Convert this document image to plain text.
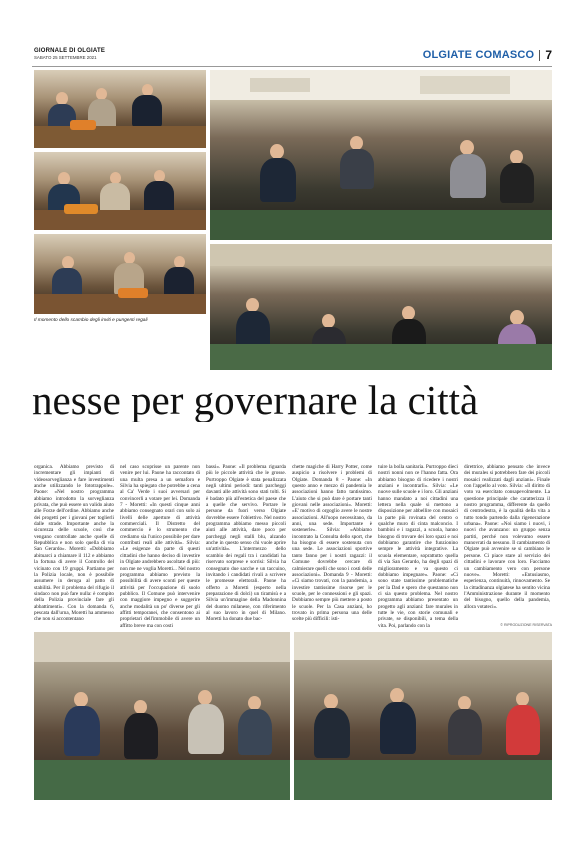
GIORNALE DI OLGIATE
SABATO 25 SETTEMBRE 2021	OLGIATE COMASCO 7
Il momento dello scambio degli inviti e pungenti regali
nesse per governare la città
organica. Abbiamo previsto di incrementare gli impianti di videosorveglianza e fare investimenti anche utilizzando le fototrappole». Paone: «Nel nostro programma abbiamo introdotto la sorveglianza privata, che può essere un valido aiuto alle Forze dell'ordine. Abbiamo anche dei progetti per i giovani per toglierli dalle strade. Importante anche la sicurezza delle scuole, così che vengano controllate anche quelle di Repubblica e non solo quella di via San Gerardo». Moretti: «Dobbiamo abituarci a chiamare il 112 e abbiamo la fortuna di avere il Controllo del vicinato con 19 gruppi. Partiamo per la Polizia locale, non è possibile assumere in deroga al patto di stabilità. Per il problema del rifugio il sindaco non può fare nulla: è compito della Polizia provinciale fare gli abbattimenti». Con la domanda 6, pescata dall'urna, Moretti ha ammesso che non si accontentano
nel caso scoprisse un parente non venire per lui. Paone ha raccontato di una multa presa a un semaforo e Silvia ha spiegato che potrebbe a cena al Ca' Verde i suoi avversari per convincerli a votare per lei. Domanda 7 - Moretti: «In questi cinque anni abbiamo consegnato orari con solo ai livelli delle aperture di attività commerciali. Il Distretto del commercio è lo strumento che crediamo sia l'unico possibile per dare contributi reali alle attività». Silvia: «Le esigenze da parte di questi cittadini che hanno deciso di investire in Olgiate andrebbero ascoltate di più: non me ne voglia Moretti... Nel nostro programma abbiamo previsto la possibilità di avere sconti per queste attività per l'occupazione di suolo pubblico. Il Comune può intervenire con maggiore impegno e suggerire anche modalità un po' diverse per gli affitti temporanei, che consentono ai proprietari dell'immobile di avere un affitto breve ma con costi
bassi». Paone: «Il problema riguarda più le piccole attività che le grosse. Purtroppo Olgiate è stata penalizzata negli ultimi periodi: tanti parcheggi davanti alle attività sono stati tolti. Si è badato più all'estetica del paese che a quelle che servivo. Portare le persone da fuori verso Olgiate dovrebbe essere l'obiettivo. Nel nostro programma abbiamo messo piccoli aiuti alle attività, dare poco per parcheggi negli stalli blu, alzando anche in questo senso chi vuole aprire un'attività». L'intermezzo dello scambio dei regali tra i candidati ha riservato sorprese e sorrisi: Silvia ha consegnato due sacche e un taccuino, invitando i candidati rivali a scrivere le promesse elettorali. Paone ha offerto a Moretti (esperto nella preparazione di dolci) un tiramisù e a Silvia un'immagine della Madonnina del duomo milanese, con riferimento al suo lavoro in quel di Milano. Moretti ha donato due bac-
chette magiche di Harry Potter, come auspicio a risolvere i problemi di Olgiate. Domanda 8 - Paone: «In questo anno e mezzo di pandemia le associazioni hanno fatto tantissimo. L'aiuto che si può dare è portare tanti giovani nelle associazioni». Moretti: «E' motivo di orgoglio avere le nostre associazioni. All'uopo necessitano, da anni, una sede. Importante è sostenerle». Silvia: «Abbiamo incontrato la Consulta dello sport, che ha bisogno di essere sostenuta con una sede. Le associazioni sportive tanto fanno per i nostri ragazzi: il Comune dovrebbe cercare di calmierare quelli che sono i costi delle associazioni». Domanda 9 - Moretti: «Ci siamo trovati, con la pandemia, a investire tantissime risorse per le scuole, per le connessioni e gli spazi. Dobbiamo sempre più mettere a posto le scuole. Per la Casa anziani, ho trovato in prima persona una delle scelte più difficili: isti-
tuire la bolla sanitaria. Purtroppo dieci nostri nonni non ce l'hanno fatta. Ora abbiamo bisogno di ricedere i nostri anziani e incontrarli». Silvia: «Le nuove sulle scuole e i loro. Gli anziani hanno mandato a noi cittadini una lettera nella quale si mettono a disposizione per abbellire con mosaici la parte più rovinata del centro o qualche muro di cinta malconcio. I bambini e i ragazzi, a scuola, hanno bisogno di trovare dei loro spazi e noi dobbiamo garantire che funzionino sempre le attività integrative. La scuola elementare, soprattutto quella di via San Gerardo, ha degli spazi di miglioramento e va questo ci dobbiamo impegnare». Paone: «Ci sono state tantissime problematiche per la Dad e spero che questanno non ci sia questo problema. Nel nostro programma abbiamo presentato un progetto agli anziani: fare murales in tutte le vie, con storie comunali e private, se disponibili, a tema della vita. Poi, parlando con la
direttrice, abbiamo pensato che invece dei murales si potrebbero fare dei piccoli mosaici realizzati dagli anziani». Finale con l'appello al voto. Silvia: «Il diritto di voto va esercitato consapevolmente. La questione principale che caratterizza il nostro programma, differente da quello di centrodestra, è la qualità della vita a tutto tondo partendo dalla rigenerazione urbana». Paone: «Noi siamo i nuovi, i nuovi che avanzano: un gruppo senza partiti, perché non volevamo essere manovrati da nessuno. Il cambiamento di Olgiate può avvenire se si cambiano le persone. Ci piace stare al servizio dei cittadini e lavorare con loro. Facciamo un cambiamento vero con persone nuove». Moretti: «Entusiasmo, esperienza, continuità, rinnovamento. Se la cittadinanza olgiatese ha sentito vicina l'Amministrazione durante il momento del bisogno, quello della pandemia, allora votateci».
© RIPRODUZIONE RISERVATA
